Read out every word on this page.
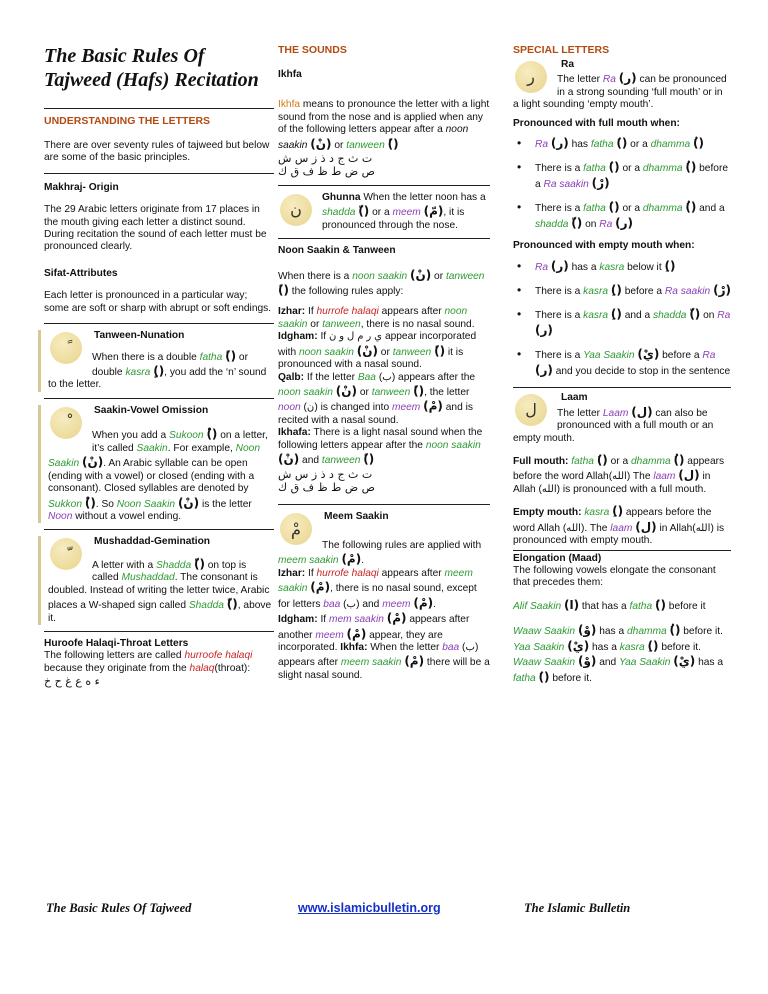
The Basic Rules Of Tajweed (Hafs) Recitation
UNDERSTANDING THE LETTERS
There are over seventy rules of tajweed but below are some of the basic principles.
Makhraj- Origin
The 29 Arabic letters originate from 17 places in the mouth giving each letter a distinct sound. During recitation the sound of each letter must be pronounced clearly.
Sifat-Attributes
Each letter is pronounced in a particular way; some are soft or sharp with abrupt or soft endings.
Tanween-Nunation
When there is a double fatha (ً) or double kasra (ٍ), you add the ‘n’ sound to the letter.
Saakin-Vowel Omission
When you add a Sukoon (ْ) on a letter, it’s called Saakin. For example, Noon Saakin (نْ). An Arabic syllable can be open (ending with a vowel) or closed (ending with a consonant). Closed syllables are denoted by Sukkon (ْ). So Noon Saakin (نْ) is the letter Noon without a vowel ending.
Mushaddad-Gemination
A letter with a Shadda (ّ) on top is called Mushaddad. The consonant is doubled. Instead of writing the letter twice, Arabic places a W-shaped sign called Shadda (ّ), above it.
Huroofe Halaqi-Throat Letters
The following letters are called hurroofe halaqi because they originate from the halaq(throat):
ء ه ع غ ح خ
THE SOUNDS
Ikhfa
Ikhfa means to pronounce the letter with a light sound from the nose and is applied when any of the following letters appear after a noon saakin (نْ) or tanween (ً)
ت ث ج د ذ ز س ش
ص ض ط ظ ف ق ك
ن
Ghunna When the letter noon has a shadda (ّ) or a meem (مّ), it is pronounced through the nose.
Noon Saakin & Tanween
When there is a noon saakin (نْ) or tanween (ً) the following rules apply:
Izhar: If hurrofe halaqi appears after noon saakin or tanween, there is no nasal sound.
Idgham: If ي ر م ل و ن appear incorporated with noon saakin (نْ) or tanween (ً) it is pronounced with a nasal sound.
Qalb: If the letter Baa (ب) appears after the noon saakin (نْ) or tanween (ً), the letter noon (ن) is changed into meem (مْ) and is recited with a nasal sound.
Ikhafa: There is a light nasal sound when the following letters appear after the noon saakin (نْ) and tanween (ً)
ت ث ج د ذ ز س ش
ص ض ط ظ ف ق ك
مْ
Meem Saakin
The following rules are applied with meem saakin (مْ).
Izhar: If hurrofe halaqi appears after meem saakin (مْ), there is no nasal sound, except for letters baa (ب) and meem (مْ).
Idgham: If mem saakin (مْ) appears after another meem (مْ) appear, they are incorporated. Ikhfa: When the letter baa (ب) appears after meem saakin (مْ) there will be a slight nasal sound.
SPECIAL LETTERS
ر
Ra
The letter Ra (ر) can be pronounced in a strong sounding ‘full mouth’ or in a light sounding ‘empty mouth’.
Pronounced with full mouth when:
• Ra (ر) has fatha (َ) or a dhamma (ُ)
• There is a fatha (َ) or a dhamma (ُ) before a Ra saakin (رْ)
• There is a fatha (َ) or a dhamma (ُ) and a shadda (ّ) on Ra (ر)
Pronounced with empty mouth when:
• Ra (ر) has a kasra below it (ِ)
• There is a kasra (ِ) before a Ra saakin (رْ)
• There is a kasra (ِ) and a shadda (ّ) on Ra (ر)
• There is a Yaa Saakin (يْ) before a Ra (ر) and you decide to stop in the sentence
ل
Laam
The letter Laam (ل) can also be pronounced with a full mouth or an empty mouth.
Full mouth: fatha (َ) or a dhamma (ُ) appears before the word Allah(الله) The laam (ل) in Allah (الله) is pronounced with a full mouth.
Empty mouth: kasra (ِ) appears before the word Allah (الله). The laam (ل) in Allah(الله) is pronounced with empty mouth.
Elongation (Maad)
The following vowels elongate the consonant that precedes them:
Alif Saakin (ا) that has a fatha (َ) before it
Waaw Saakin (وْ) has a dhamma (ُ) before it. Yaa Saakin (يْ) has a kasra (ِ) before it. Waaw Saakin (وْ) and Yaa Saakin (يْ) has a fatha (َ) before it.
The Basic Rules Of Tajweed	www.islamicbulletin.org	The Islamic Bulletin
